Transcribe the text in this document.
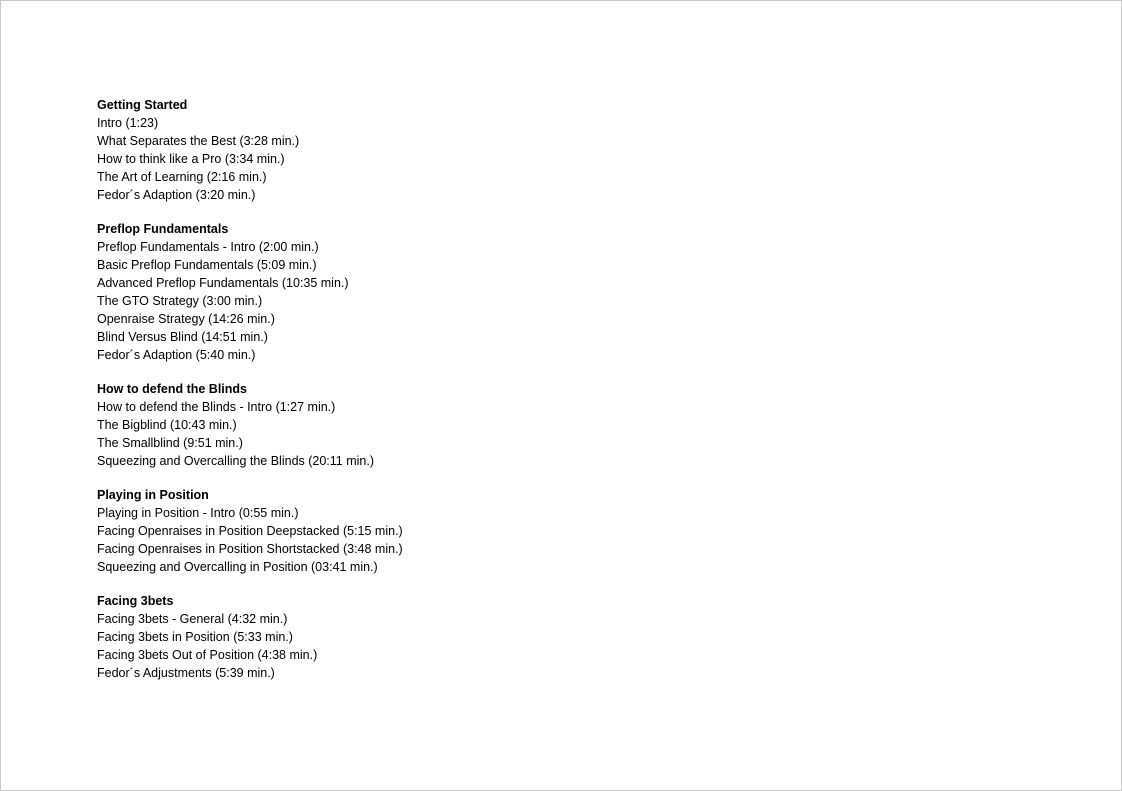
Getting Started
Intro (1:23)
What Separates the Best (3:28 min.)
How to think like a Pro (3:34 min.)
The Art of Learning (2:16 min.)
Fedor´s Adaption (3:20 min.)
Preflop Fundamentals
Preflop Fundamentals - Intro (2:00 min.)
Basic Preflop Fundamentals (5:09 min.)
Advanced Preflop Fundamentals (10:35 min.)
The GTO Strategy (3:00 min.)
Openraise Strategy (14:26 min.)
Blind Versus Blind (14:51 min.)
Fedor´s Adaption (5:40 min.)
How to defend the Blinds
How to defend the Blinds - Intro (1:27 min.)
The Bigblind (10:43 min.)
The Smallblind (9:51 min.)
Squeezing and Overcalling the Blinds (20:11 min.)
Playing in Position
Playing in Position - Intro (0:55 min.)
Facing Openraises in Position Deepstacked (5:15 min.)
Facing Openraises in Position Shortstacked (3:48 min.)
Squeezing and Overcalling in Position (03:41 min.)
Facing 3bets
Facing 3bets - General (4:32 min.)
Facing 3bets in Position (5:33 min.)
Facing 3bets Out of Position (4:38 min.)
Fedor´s Adjustments (5:39 min.)
